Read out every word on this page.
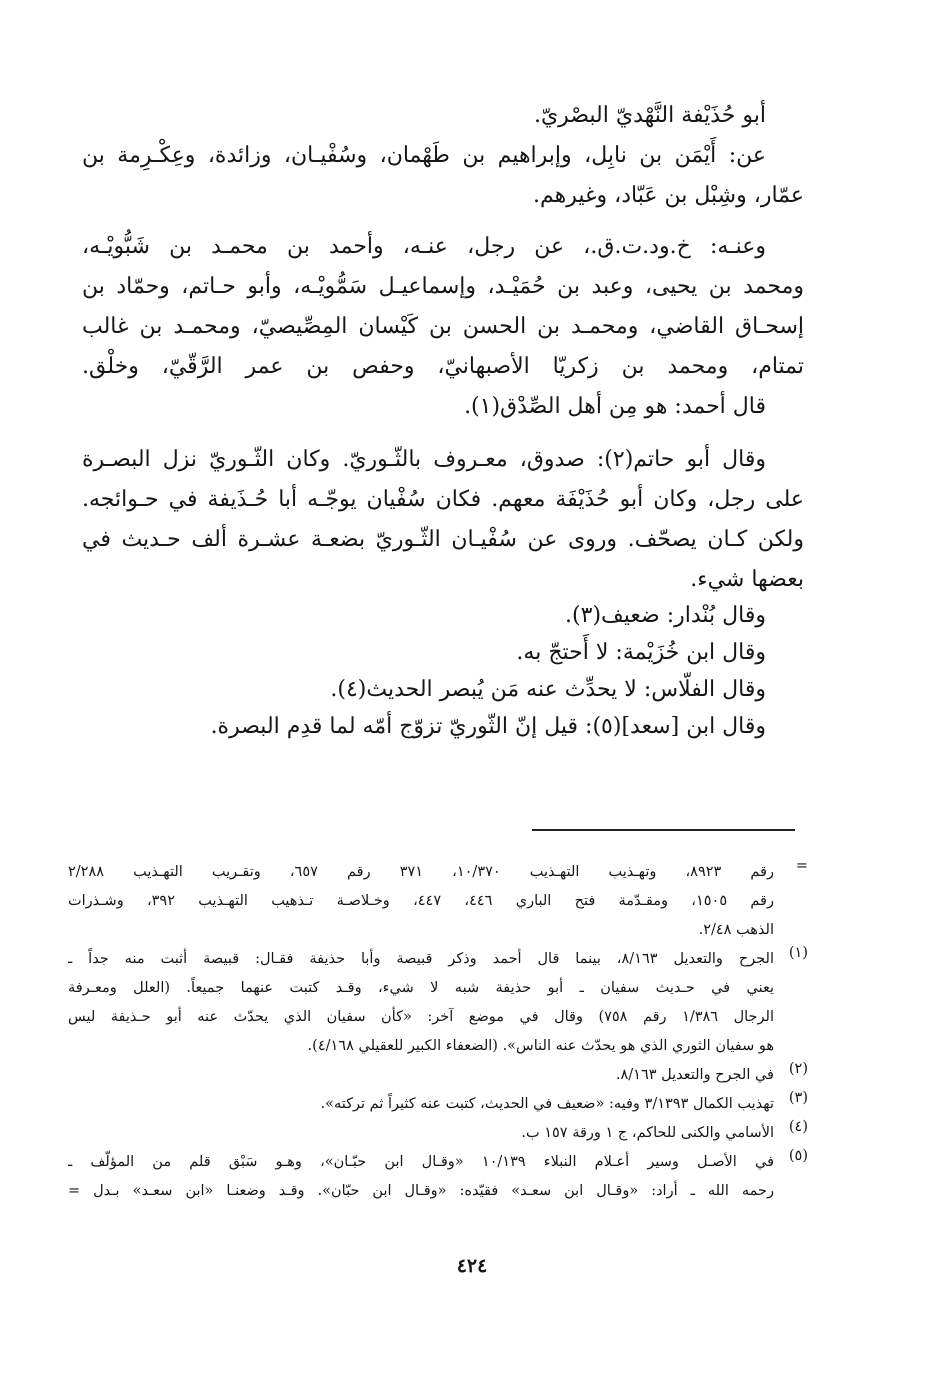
أبو حُذَيْفة النَّهْديّ البصْريّ.
عن: أَيْمَن بن نابِل، وإبراهيم بن طَهْمان، وسُفْيـان، وزائدة، وعِكْـرِمة بن
عمّار، وشِبْل بن عَبّاد، وغيرهم.
وعنـه: خ.ود.ت.ق.، عن رجل، عنـه، وأحمد بن محمـد بن شَبُّويْـه،
ومحمد بن يحيى، وعبد بن حُمَيْـد، وإسماعيـل سَمُّويْـه، وأبو حـاتم، وحمّاد بن
إسحـاق القاضي، ومحمـد بن الحسن بن كَيْسان المِصِّيصيّ، ومحمـد بن غالب
تمتام، ومحمد بن زكريّا الأصبهانيّ، وحفص بن عمر الرَّقّيّ، وخلْق.
قال أحمد: هو مِن أهل الصِّدْق(١).
وقال أبو حاتم(٢): صدوق، معـروف بالثّـوريّ. وكان الثّـوريّ نزل البصـرة
على رجل، وكان أبو حُذَيْفَة معهم. فكان سُفْيان يوجّـه أبا حُـذَيفة في حـوائجه.
ولكن كـان يصحّف. وروى عن سُفْيـان الثّـوريّ بضعـة عشـرة ألف حـديث في
بعضها شيء.
وقال بُنْدار: ضعيف(٣).
وقال ابن خُزَيْمة: لا أَحتجّ به.
وقال الفلّاس: لا يحدِّث عنه مَن يُبصر الحديث(٤).
وقال ابن [سعد](٥): قيل إنّ الثّوريّ تزوّج أمّه لما قدِم البصرة.
=
رقم ٨٩٢٣، وتهـذيب التهـذيب ١٠/٣٧٠، ٣٧١ رقم ٦٥٧، وتقـريب التهـذيب ٢/٢٨٨
رقم ١٥٠٥، ومقـدّمة فتح الباري ٤٤٦، ٤٤٧، وخـلاصـة تـذهيب التهـذيب ٣٩٢، وشـذرات
الذهب ٢/٤٨.
(١)
الجرح والتعديل ٨/١٦٣، بينما قال أحمد وذكر قبيصة وأبا حذيفة فقـال: قبيصة أثبت منه جداً ـ
يعني في حـديث سفيان ـ أبو حذيفة شبه لا شيء، وقـد كتبت عنهما جميعاً. (العلل ومعـرفة
الرجال ١/٣٨٦ رقم ٧٥٨) وقال في موضع آخر: «كأن سفيان الذي يحدّث عنه أبو حـذيفة ليس
هو سفيان الثوري الذي هو يحدّث عنه الناس». (الضعفاء الكبير للعقيلي ٤/١٦٨).
(٢)
في الجرح والتعديل ٨/١٦٣.
(٣)
تهذيب الكمال ٣/١٣٩٣ وفيه: «ضعيف في الحديث، كتبت عنه كثيراً ثم تركته».
(٤)
الأسامي والكنى للحاكم، ج ١ ورقة ١٥٧ ب.
(٥)
في الأصـل وسير أعـلام النبلاء ١٠/١٣٩ «وقـال ابن حبّـان»، وهـو سَبْق قلم من المؤلّف ـ
رحمه الله ـ أراد: «وقـال ابن سعـد» فقيّده: «وقـال ابن حبّان». وقـد وضعنـا «ابن سعـد» بـدل =
٤٢٤
